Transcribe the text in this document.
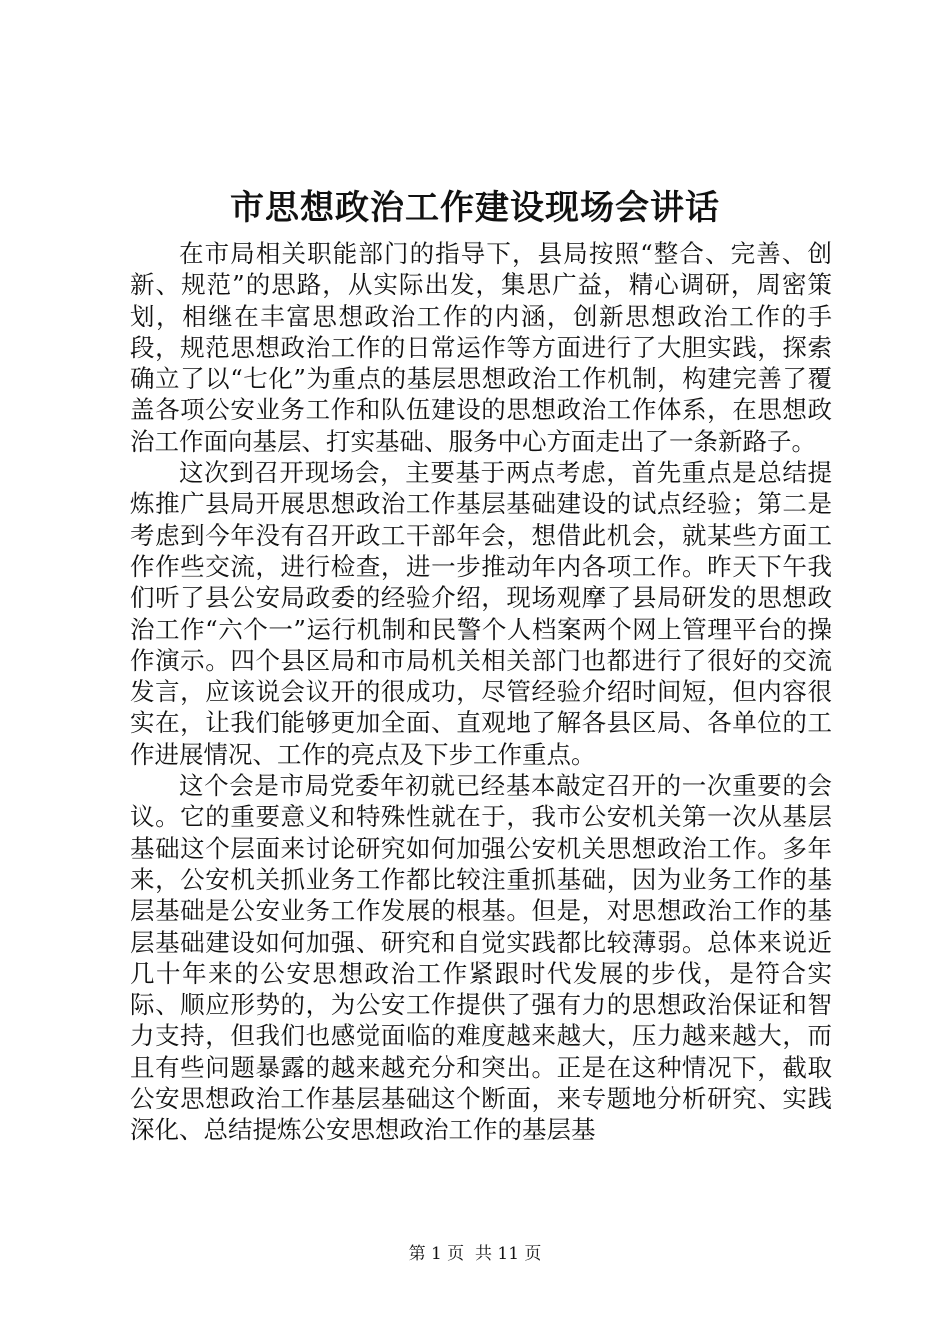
市思想政治工作建设现场会讲话

在市局相关职能部门的指导下，县局按照“整合、完善、创新、规范”的思路，从实际出发，集思广益，精心调研，周密策划，相继在丰富思想政治工作的内涵，创新思想政治工作的手段，规范思想政治工作的日常运作等方面进行了大胆实践，探索确立了以“七化”为重点的基层思想政治工作机制，构建完善了覆盖各项公安业务工作和队伍建设的思想政治工作体系，在思想政治工作面向基层、打实基础、服务中心方面走出了一条新路子。

这次到召开现场会，主要基于两点考虑，首先重点是总结提炼推广县局开展思想政治工作基层基础建设的试点经验；第二是考虑到今年没有召开政工干部年会，想借此机会，就某些方面工作作些交流，进行检查，进一步推动年内各项工作。昨天下午我们听了县公安局政委的经验介绍，现场观摩了县局研发的思想政治工作“六个一”运行机制和民警个人档案两个网上管理平台的操作演示。四个县区局和市局机关相关部门也都进行了很好的交流发言，应该说会议开的很成功，尽管经验介绍时间短，但内容很实在，让我们能够更加全面、直观地了解各县区局、各单位的工作进展情况、工作的亮点及下步工作重点。

这个会是市局党委年初就已经基本敲定召开的一次重要的会议。它的重要意义和特殊性就在于，我市公安机关第一次从基层基础这个层面来讨论研究如何加强公安机关思想政治工作。多年来，公安机关抓业务工作都比较注重抓基础，因为业务工作的基层基础是公安业务工作发展的根基。但是，对思想政治工作的基层基础建设如何加强、研究和自觉实践都比较薄弱。总体来说近几十年来的公安思想政治工作紧跟时代发展的步伐，是符合实际、顺应形势的，为公安工作提供了强有力的思想政治保证和智力支持，但我们也感觉面临的难度越来越大，压力越来越大，而且有些问题暴露的越来越充分和突出。正是在这种情况下，截取公安思想政治工作基层基础这个断面，来专题地分析研究、实践深化、总结提炼公安思想政治工作的基层基

第 1 页  共 11 页
